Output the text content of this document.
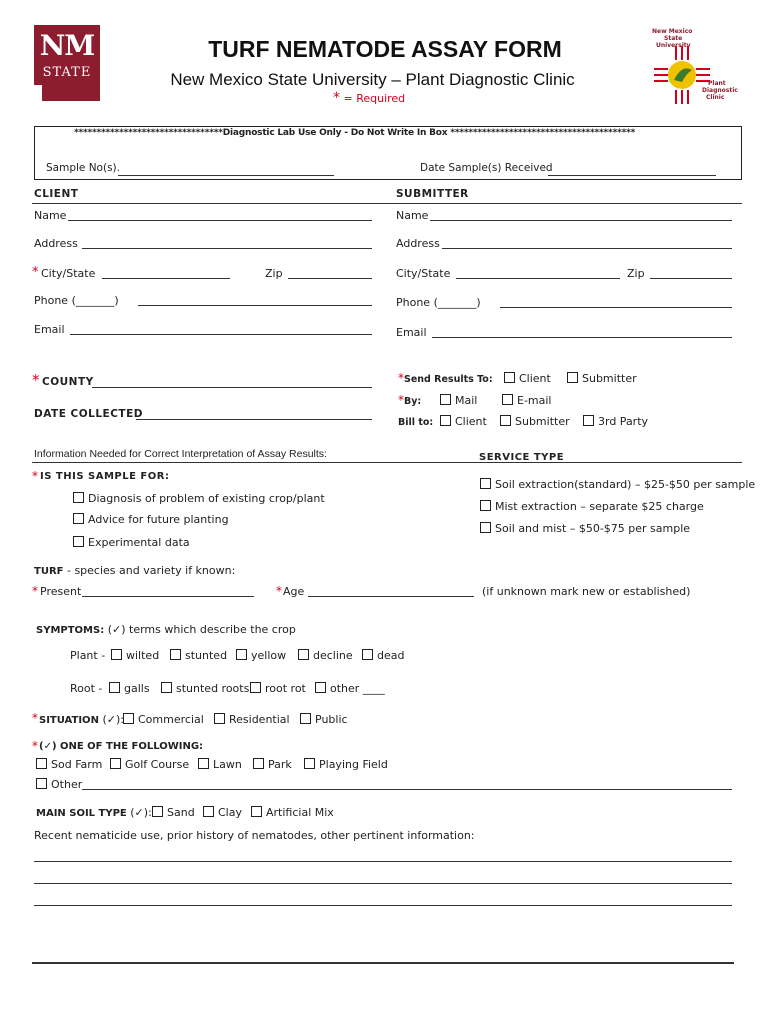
NM
STATE
New Mexico
State
University
Plant
Diagnostic
Clinic
TURF NEMATODE ASSAY FORM
New Mexico State University – Plant Diagnostic Clinic
* = Required
*********************************Diagnostic Lab Use Only - Do Not Write In Box *****************************************
Sample No(s).	Date Sample(s) Received
CLIENT	SUBMITTER
Name
Address
* City/State	Zip
Phone (_______)
Email
Name
Address
City/State	Zip
Phone (_______)
Email
* COUNTY
DATE COLLECTED
* Send Results To:	Client	Submitter
* By:	Mail	E-mail
Bill to:	Client	Submitter	3rd Party
Information Needed for Correct Interpretation of Assay Results:	SERVICE TYPE
* IS THIS SAMPLE FOR:
Diagnosis of problem of existing crop/plant
Advice for future planting
Experimental data
Soil extraction(standard) – $25-$50 per sample
Mist extraction – separate $25 charge
Soil and mist – $50-$75 per sample
TURF - species and variety if known:
* Present	* Age	(if unknown mark new or established)
SYMPTOMS: (✓) terms which describe the crop
Plant -	wilted	stunted	yellow	decline	dead
Root -	galls	stunted roots	root rot	other ____
* SITUATION (✓):	Commercial	Residential	Public
* (✓) ONE OF THE FOLLOWING:
Sod Farm	Golf Course	Lawn	Park	Playing Field
Other
MAIN SOIL TYPE (✓):	Sand	Clay	Artificial Mix
Recent nematicide use, prior history of nematodes, other pertinent information:
